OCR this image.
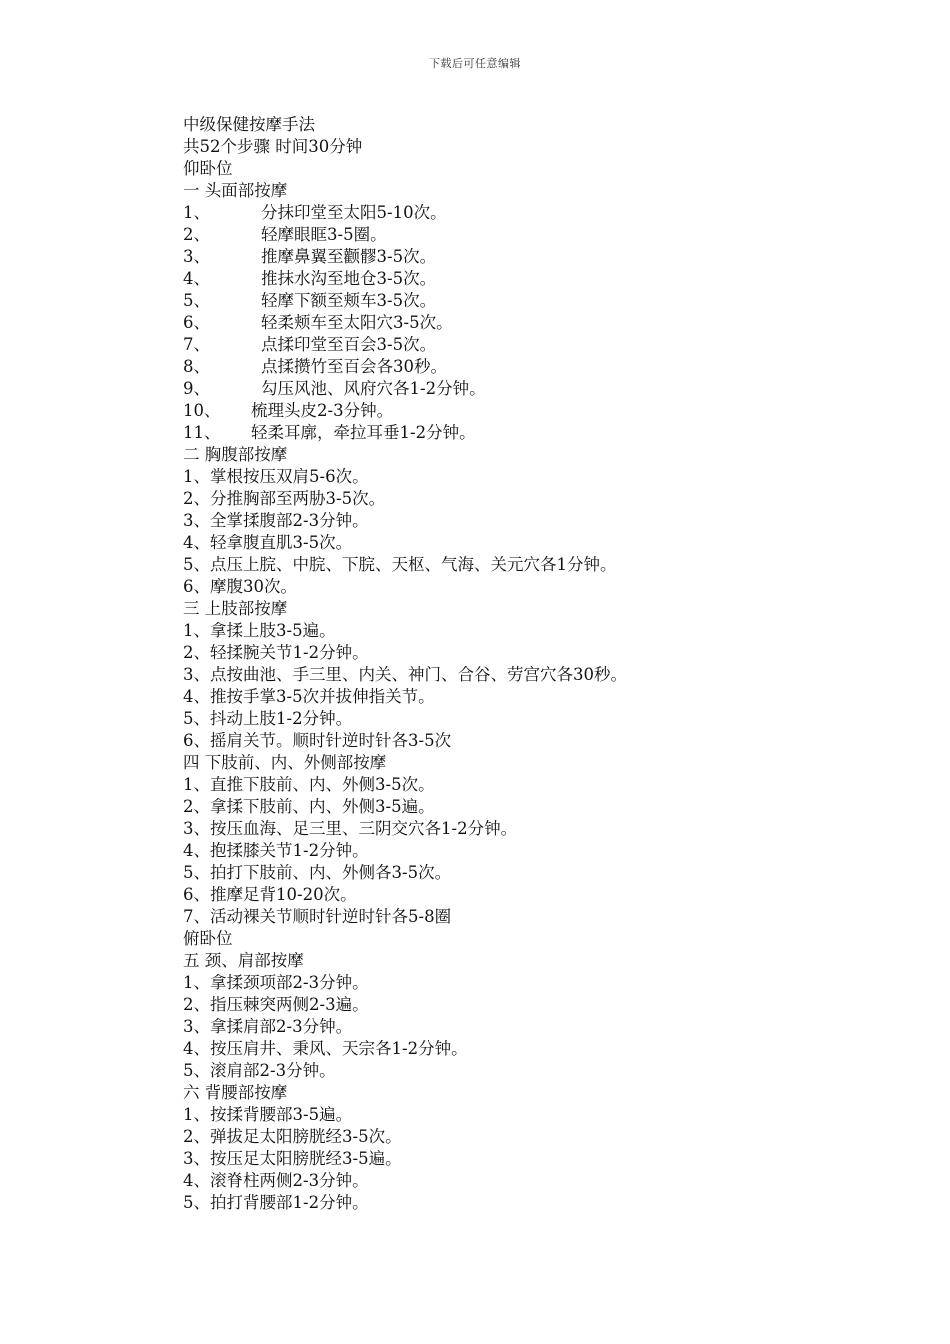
下载后可任意编辑
中级保健按摩手法
共52个步骤 时间30分钟
仰卧位
一 头面部按摩
1、	分抹印堂至太阳5-10次。
2、	轻摩眼眶3-5圈。
3、	推摩鼻翼至颧髎3-5次。
4、	推抹水沟至地仓3-5次。
5、	轻摩下额至颊车3-5次。
6、	轻柔颊车至太阳穴3-5次。
7、	点揉印堂至百会3-5次。
8、	点揉攒竹至百会各30秒。
9、	勾压风池、风府穴各1-2分钟。
10、 梳理头皮2-3分钟。
11、 轻柔耳廓，牵拉耳垂1-2分钟。
二 胸腹部按摩
1、掌根按压双肩5-6次。
2、分推胸部至两胁3-5次。
3、全掌揉腹部2-3分钟。
4、轻拿腹直肌3-5次。
5、点压上脘、中脘、下脘、天枢、气海、关元穴各1分钟。
6、摩腹30次。
三 上肢部按摩
1、拿揉上肢3-5遍。
2、轻揉腕关节1-2分钟。
3、点按曲池、手三里、内关、神门、合谷、劳宫穴各30秒。
4、推按手掌3-5次并拔伸指关节。
5、抖动上肢1-2分钟。
6、摇肩关节。顺时针逆时针各3-5次
四 下肢前、内、外侧部按摩
1、直推下肢前、内、外侧3-5次。
2、拿揉下肢前、内、外侧3-5遍。
3、按压血海、足三里、三阴交穴各1-2分钟。
4、抱揉膝关节1-2分钟。
5、拍打下肢前、内、外侧各3-5次。
6、推摩足背10-20次。
7、活动裸关节顺时针逆时针各5-8圈
俯卧位
五 颈、肩部按摩
1、拿揉颈项部2-3分钟。
2、指压棘突两侧2-3遍。
3、拿揉肩部2-3分钟。
4、按压肩井、秉风、天宗各1-2分钟。
5、滚肩部2-3分钟。
六 背腰部按摩
1、按揉背腰部3-5遍。
2、弹拔足太阳膀胱经3-5次。
3、按压足太阳膀胱经3-5遍。
4、滚脊柱两侧2-3分钟。
5、拍打背腰部1-2分钟。
